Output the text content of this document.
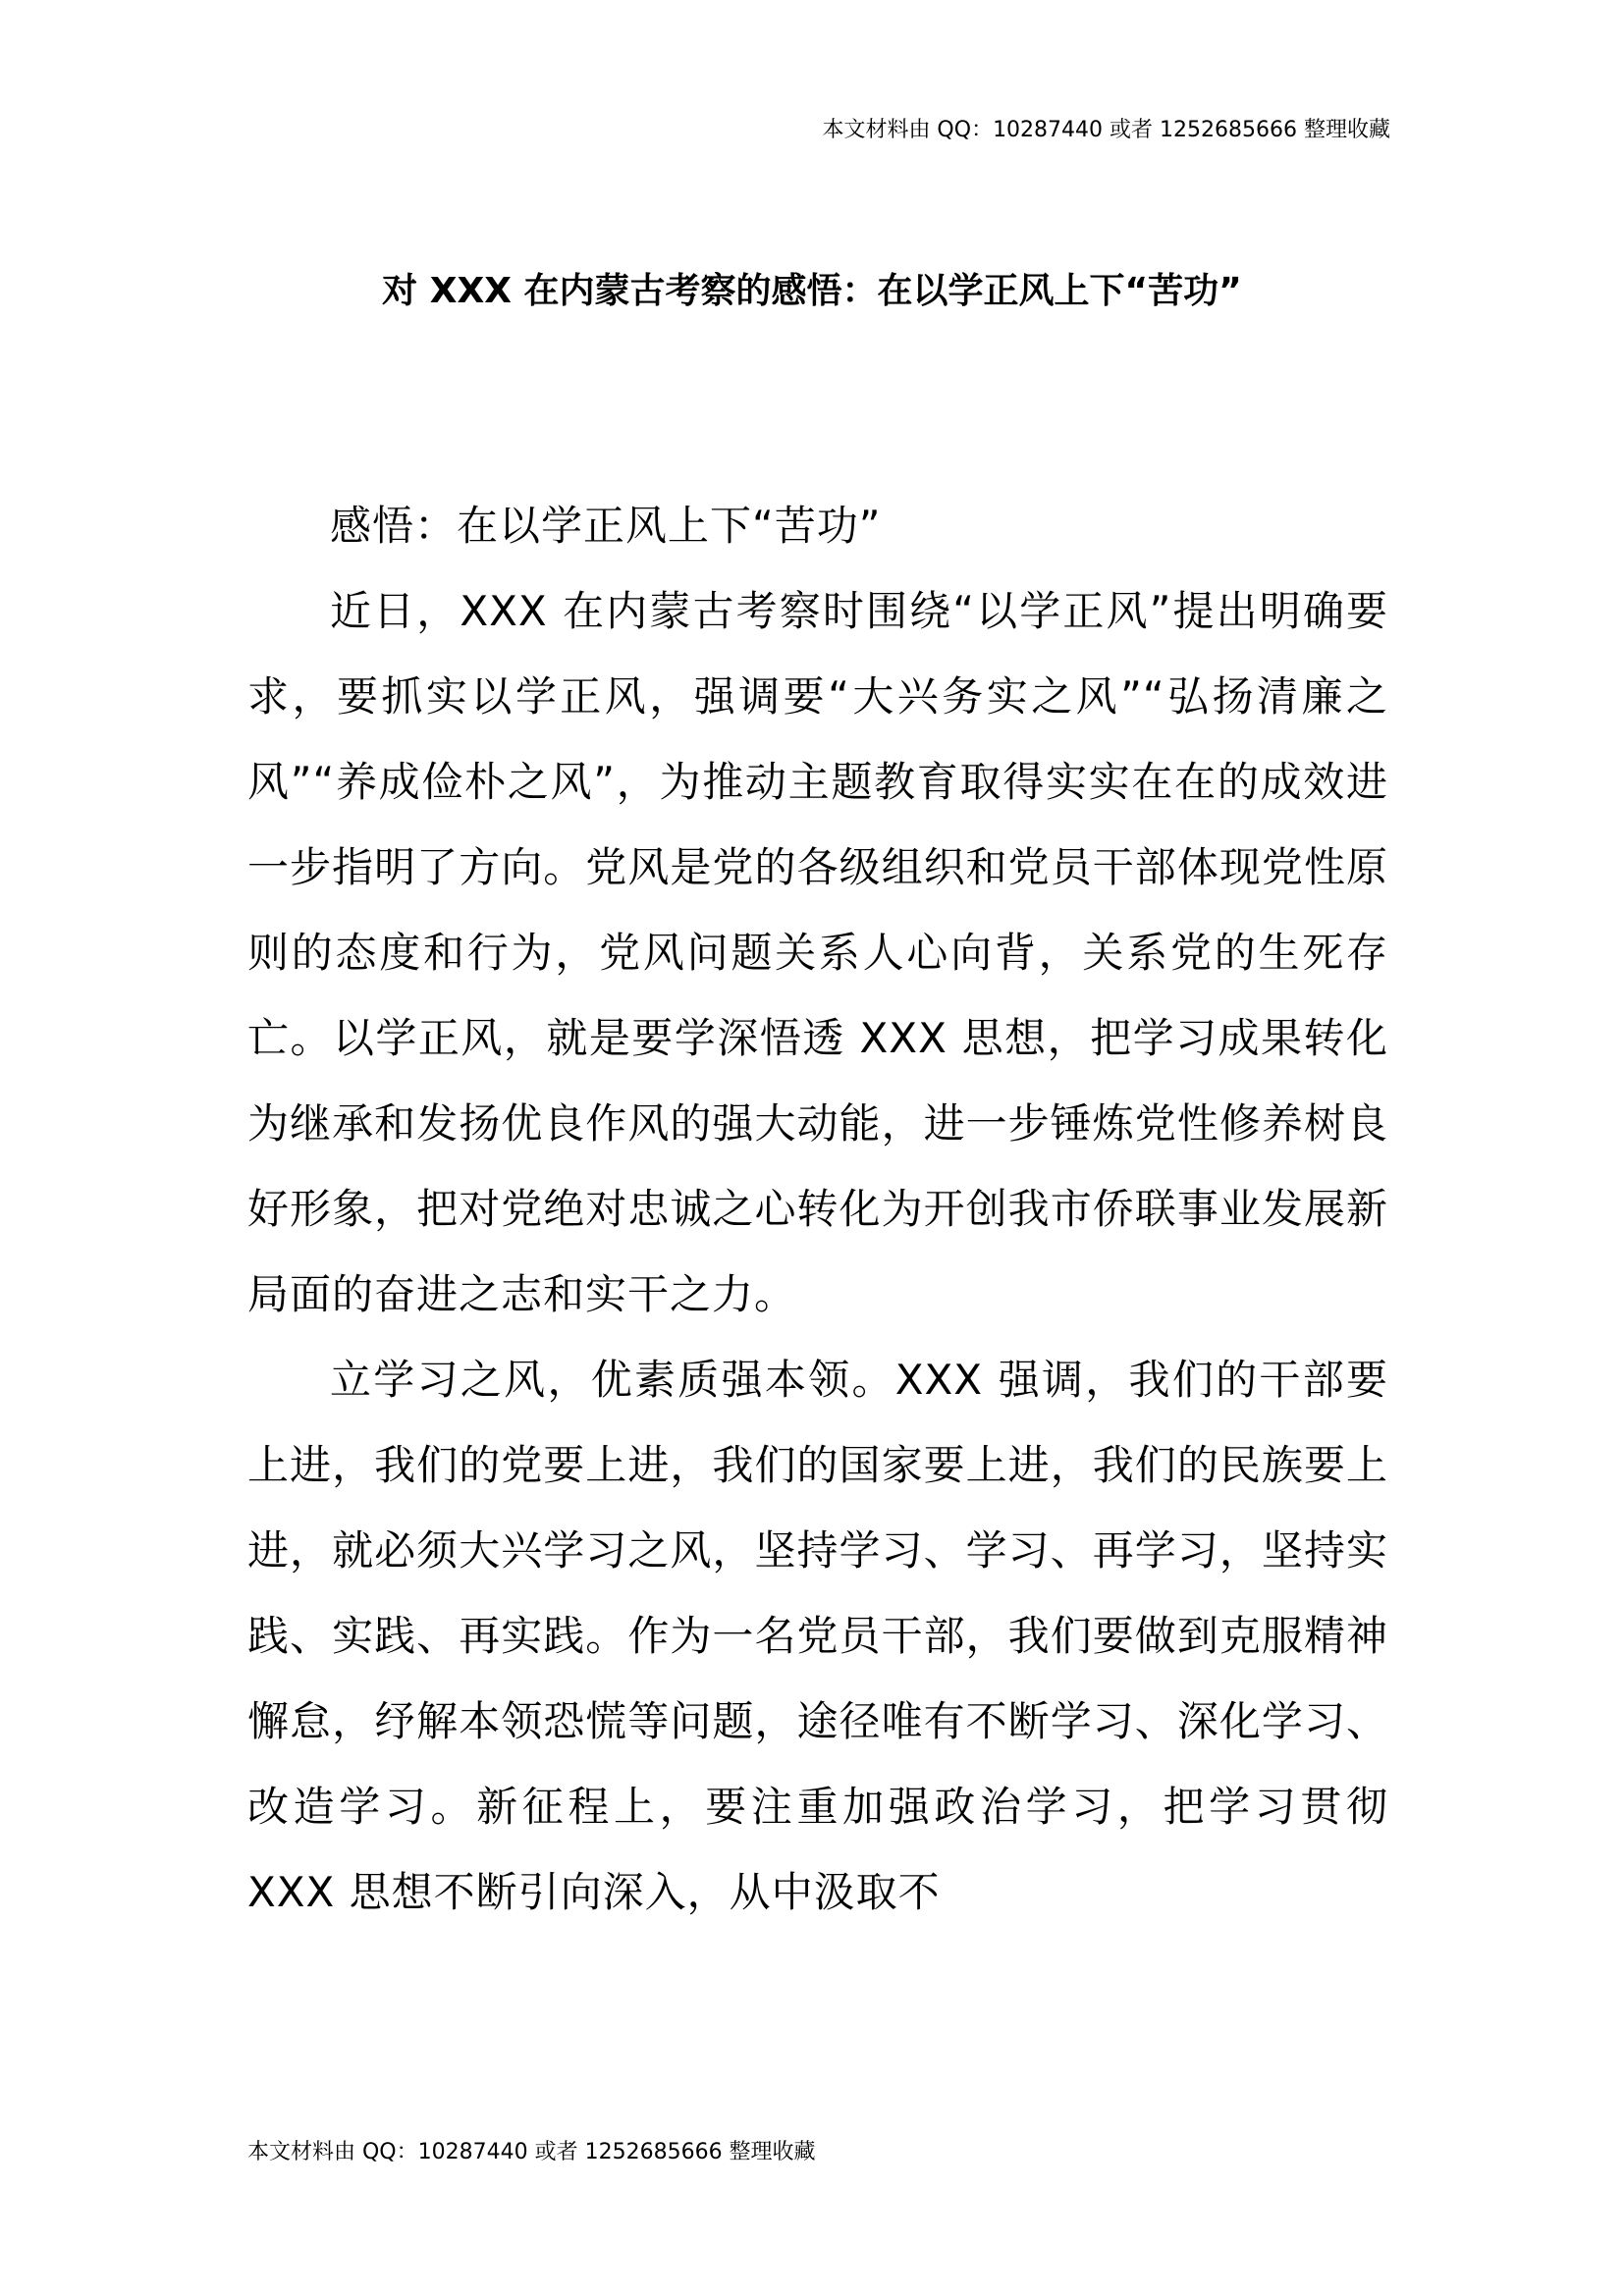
本文材料由 QQ：10287440 或者 1252685666 整理收藏
对 XXX 在内蒙古考察的感悟：在以学正风上下“苦功”

感悟：在以学正风上下“苦功”

近日，XXX 在内蒙古考察时围绕“以学正风”提出明确要求，要抓实以学正风，强调要“大兴务实之风”“弘扬清廉之风”“养成俭朴之风”，为推动主题教育取得实实在在的成效进一步指明了方向。党风是党的各级组织和党员干部体现党性原则的态度和行为，党风问题关系人心向背，关系党的生死存亡。以学正风，就是要学深悟透 XXX 思想，把学习成果转化为继承和发扬优良作风的强大动能，进一步锤炼党性修养树良好形象，把对党绝对忠诚之心转化为开创我市侨联事业发展新局面的奋进之志和实干之力。

立学习之风，优素质强本领。XXX 强调，我们的干部要上进，我们的党要上进，我们的国家要上进，我们的民族要上进，就必须大兴学习之风，坚持学习、学习、再学习，坚持实践、实践、再实践。作为一名党员干部，我们要做到克服精神懈怠，纾解本领恐慌等问题，途径唯有不断学习、深化学习、改造学习。新征程上，要注重加强政治学习，把学习贯彻 XXX 思想不断引向深入，从中汲取不

本文材料由 QQ：10287440 或者 1252685666 整理收藏
